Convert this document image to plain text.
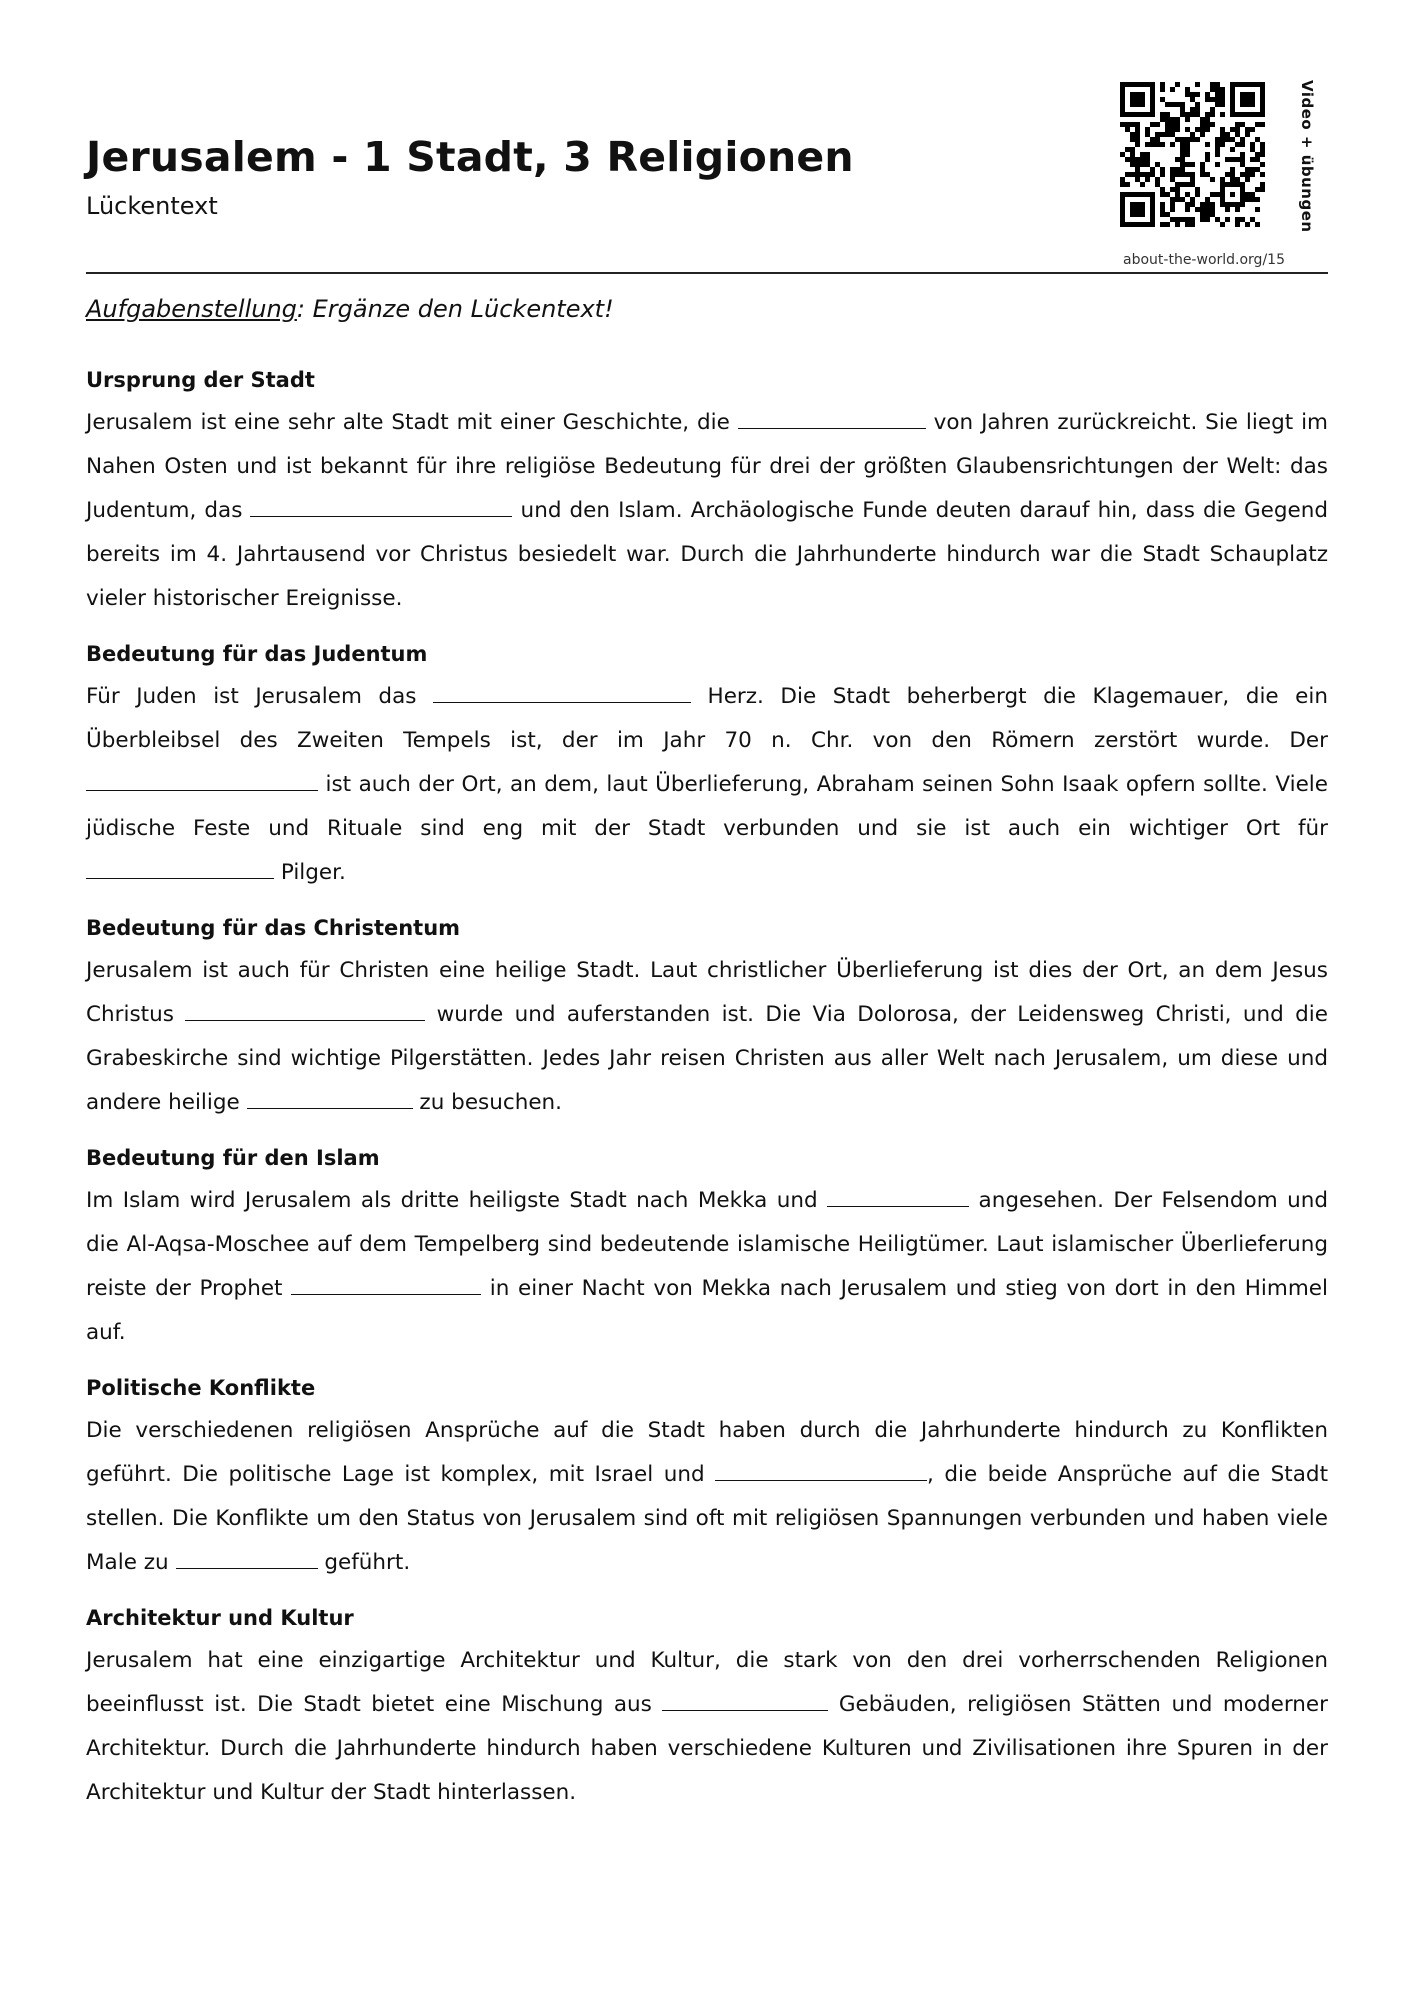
Jerusalem - 1 Stadt, 3 Religionen
Lückentext
about-the-world.org/15
Video + übungen
Aufgabenstellung: Ergänze den Lückentext!
Ursprung der Stadt

Jerusalem ist eine sehr alte Stadt mit einer Geschichte, die	von Jahren zurückreicht. Sie liegt im Nahen Osten und ist bekannt für ihre religiöse Bedeutung für drei der größten Glaubensrichtungen der Welt: das Judentum, das	und den Islam. Archäologische Funde deuten darauf hin, dass die Gegend bereits im 4. Jahrtausend vor Christus besiedelt war. Durch die Jahrhunderte hindurch war die Stadt Schauplatz vieler historischer Ereignisse.

Bedeutung für das Judentum

Für Juden ist Jerusalem das	Herz. Die Stadt beherbergt die Klagemauer, die ein Überbleibsel des Zweiten Tempels ist, der im Jahr 70 n. Chr. von den Römern zerstört wurde. Der  ist auch der Ort, an dem, laut Überlieferung, Abraham seinen Sohn Isaak opfern sollte. Viele jüdische Feste und Rituale sind eng mit der Stadt verbunden und sie ist auch ein wichtiger Ort für  Pilger.

Bedeutung für das Christentum

Jerusalem ist auch für Christen eine heilige Stadt. Laut christlicher Überlieferung ist dies der Ort, an dem Jesus Christus	wurde und auferstanden ist. Die Via Dolorosa, der Leidensweg Christi, und die Grabeskirche sind wichtige Pilgerstätten. Jedes Jahr reisen Christen aus aller Welt nach Jerusalem, um diese und andere heilige	zu besuchen.

Bedeutung für den Islam

Im Islam wird Jerusalem als dritte heiligste Stadt nach Mekka und	angesehen. Der Felsendom und die Al-Aqsa-Moschee auf dem Tempelberg sind bedeutende islamische Heiligtümer. Laut islamischer Überlieferung reiste der Prophet	in einer Nacht von Mekka nach Jerusalem und stieg von dort in den Himmel auf.

Politische Konflikte

Die verschiedenen religiösen Ansprüche auf die Stadt haben durch die Jahrhunderte hindurch zu Konflikten geführt. Die politische Lage ist komplex, mit Israel und	, die beide Ansprüche auf die Stadt stellen. Die Konflikte um den Status von Jerusalem sind oft mit religiösen Spannungen verbunden und haben viele Male zu	geführt.

Architektur und Kultur

Jerusalem hat eine einzigartige Architektur und Kultur, die stark von den drei vorherrschenden Religionen beeinflusst ist. Die Stadt bietet eine Mischung aus	Gebäuden, religiösen Stätten und moderner Architektur. Durch die Jahrhunderte hindurch haben verschiedene Kulturen und Zivilisationen ihre Spuren in der Architektur und Kultur der Stadt hinterlassen.
